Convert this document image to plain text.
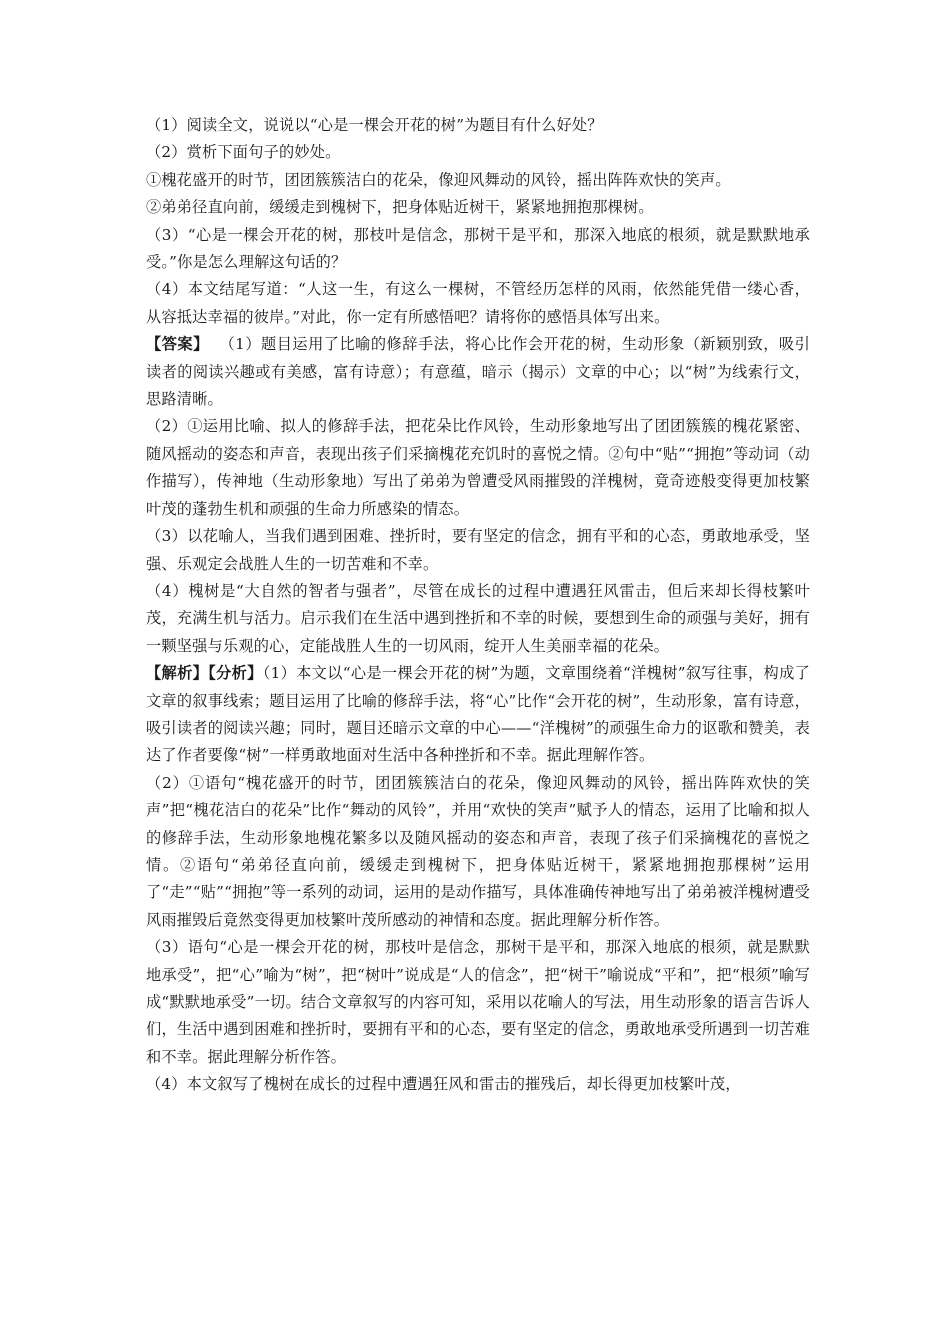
（1）阅读全文，说说以“心是一棵会开花的树”为题目有什么好处？

（2）赏析下面句子的妙处。

①槐花盛开的时节，团团簇簇洁白的花朵，像迎风舞动的风铃，摇出阵阵欢快的笑声。

②弟弟径直向前，缓缓走到槐树下，把身体贴近树干，紧紧地拥抱那棵树。

（3）“心是一棵会开花的树，那枝叶是信念，那树干是平和，那深入地底的根须，就是默默地承受。”你是怎么理解这句话的？

（4）本文结尾写道：“人这一生，有这么一棵树，不管经历怎样的风雨，依然能凭借一缕心香，从容抵达幸福的彼岸。”对此，你一定有所感悟吧？请将你的感悟具体写出来。

【答案】 （1）题目运用了比喻的修辞手法，将心比作会开花的树，生动形象（新颖别致，吸引读者的阅读兴趣或有美感，富有诗意）；有意蕴，暗示（揭示）文章的中心；以“树”为线索行文，思路清晰。

（2）①运用比喻、拟人的修辞手法，把花朵比作风铃，生动形象地写出了团团簇簇的槐花紧密、随风摇动的姿态和声音，表现出孩子们采摘槐花充饥时的喜悦之情。②句中“贴”“拥抱”等动词（动作描写），传神地（生动形象地）写出了弟弟为曾遭受风雨摧毁的洋槐树，竟奇迹般变得更加枝繁叶茂的蓬勃生机和顽强的生命力所感染的情态。

（3）以花喻人，当我们遇到困难、挫折时，要有坚定的信念，拥有平和的心态，勇敢地承受，坚强、乐观定会战胜人生的一切苦难和不幸。

（4）槐树是“大自然的智者与强者”，尽管在成长的过程中遭遇狂风雷击，但后来却长得枝繁叶茂，充满生机与活力。启示我们在生活中遇到挫折和不幸的时候，要想到生命的顽强与美好，拥有一颗坚强与乐观的心，定能战胜人生的一切风雨，绽开人生美丽幸福的花朵。

【解析】【分析】（1）本文以“心是一棵会开花的树”为题，文章围绕着“洋槐树”叙写往事，构成了文章的叙事线索；题目运用了比喻的修辞手法，将“心”比作“会开花的树”，生动形象，富有诗意，吸引读者的阅读兴趣；同时，题目还暗示文章的中心——“洋槐树”的顽强生命力的讴歌和赞美，表达了作者要像“树”一样勇敢地面对生活中各种挫折和不幸。据此理解作答。

（2）①语句“槐花盛开的时节，团团簇簇洁白的花朵，像迎风舞动的风铃，摇出阵阵欢快的笑声”把“槐花洁白的花朵”比作“舞动的风铃”，并用“欢快的笑声”赋予人的情态，运用了比喻和拟人的修辞手法，生动形象地槐花繁多以及随风摇动的姿态和声音，表现了孩子们采摘槐花的喜悦之情。②语句“弟弟径直向前，缓缓走到槐树下，把身体贴近树干，紧紧地拥抱那棵树”运用了“走”“贴”“拥抱”等一系列的动词，运用的是动作描写，具体准确传神地写出了弟弟被洋槐树遭受风雨摧毁后竟然变得更加枝繁叶茂所感动的神情和态度。据此理解分析作答。

（3）语句“心是一棵会开花的树，那枝叶是信念，那树干是平和，那深入地底的根须，就是默默地承受”，把“心”喻为“树”，把“树叶”说成是“人的信念”，把“树干”喻说成“平和”，把“根须”喻写成“默默地承受”一切。结合文章叙写的内容可知，采用以花喻人的写法，用生动形象的语言告诉人们，生活中遇到困难和挫折时，要拥有平和的心态，要有坚定的信念，勇敢地承受所遇到一切苦难和不幸。据此理解分析作答。

（4）本文叙写了槐树在成长的过程中遭遇狂风和雷击的摧残后，却长得更加枝繁叶茂，
